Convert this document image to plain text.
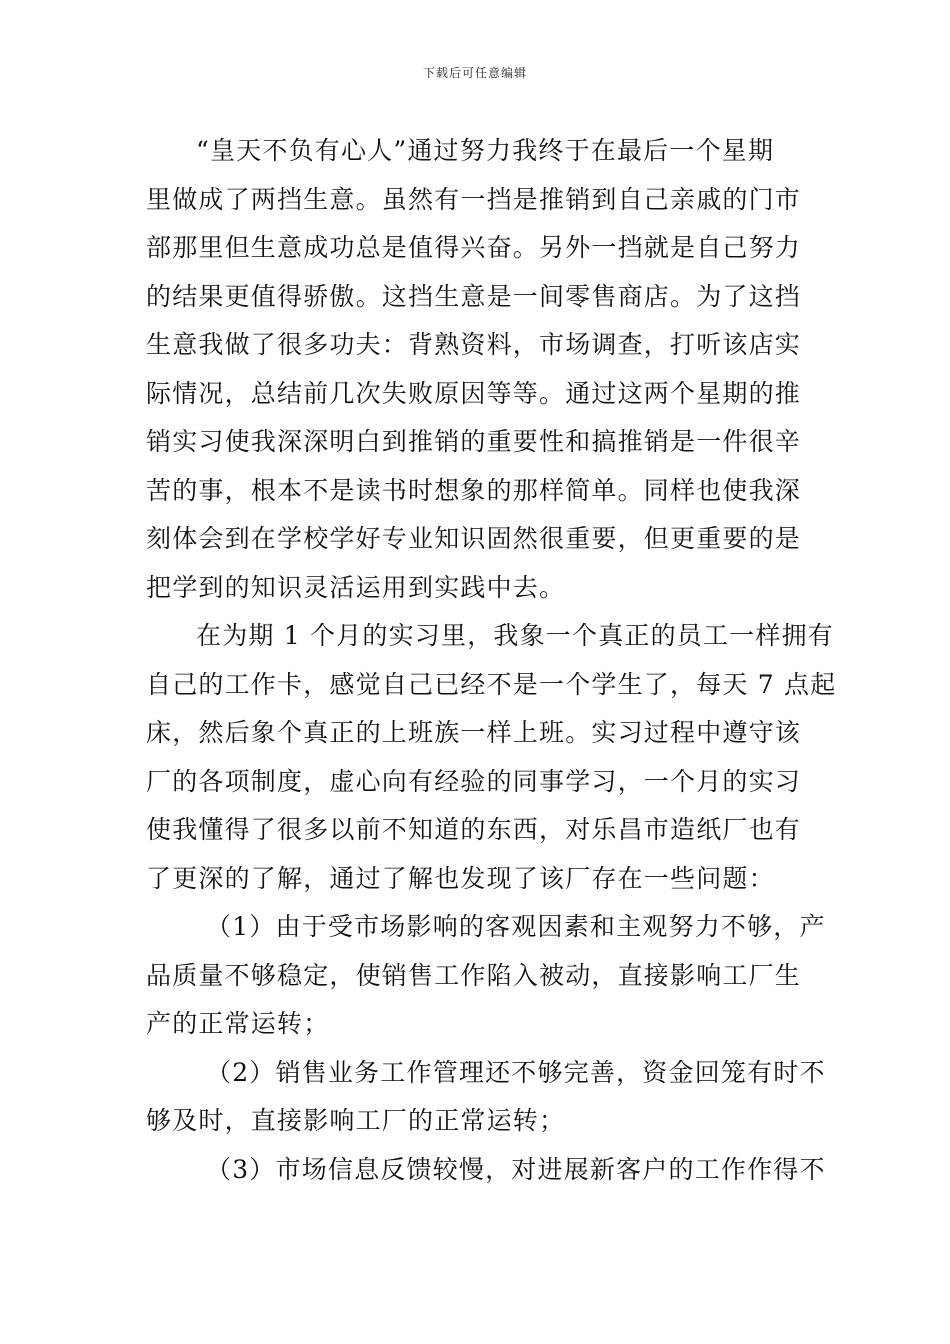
下载后可任意编辑
“皇天不负有心人”通过努力我终于在最后一个星期
里做成了两挡生意。虽然有一挡是推销到自己亲戚的门市
部那里但生意成功总是值得兴奋。另外一挡就是自己努力
的结果更值得骄傲。这挡生意是一间零售商店。为了这挡
生意我做了很多功夫：背熟资料，市场调查，打听该店实
际情况，总结前几次失败原因等等。通过这两个星期的推
销实习使我深深明白到推销的重要性和搞推销是一件很辛
苦的事，根本不是读书时想象的那样简单。同样也使我深
刻体会到在学校学好专业知识固然很重要，但更重要的是
把学到的知识灵活运用到实践中去。
在为期 1 个月的实习里，我象一个真正的员工一样拥有
自己的工作卡，感觉自己已经不是一个学生了，每天 7 点起
床，然后象个真正的上班族一样上班。实习过程中遵守该
厂的各项制度，虚心向有经验的同事学习，一个月的实习
使我懂得了很多以前不知道的东西，对乐昌市造纸厂也有
了更深的了解，通过了解也发现了该厂存在一些问题：
（1）由于受市场影响的客观因素和主观努力不够，产
品质量不够稳定，使销售工作陷入被动，直接影响工厂生
产的正常运转；
（2）销售业务工作管理还不够完善，资金回笼有时不
够及时，直接影响工厂的正常运转；
（3）市场信息反馈较慢，对进展新客户的工作作得不
